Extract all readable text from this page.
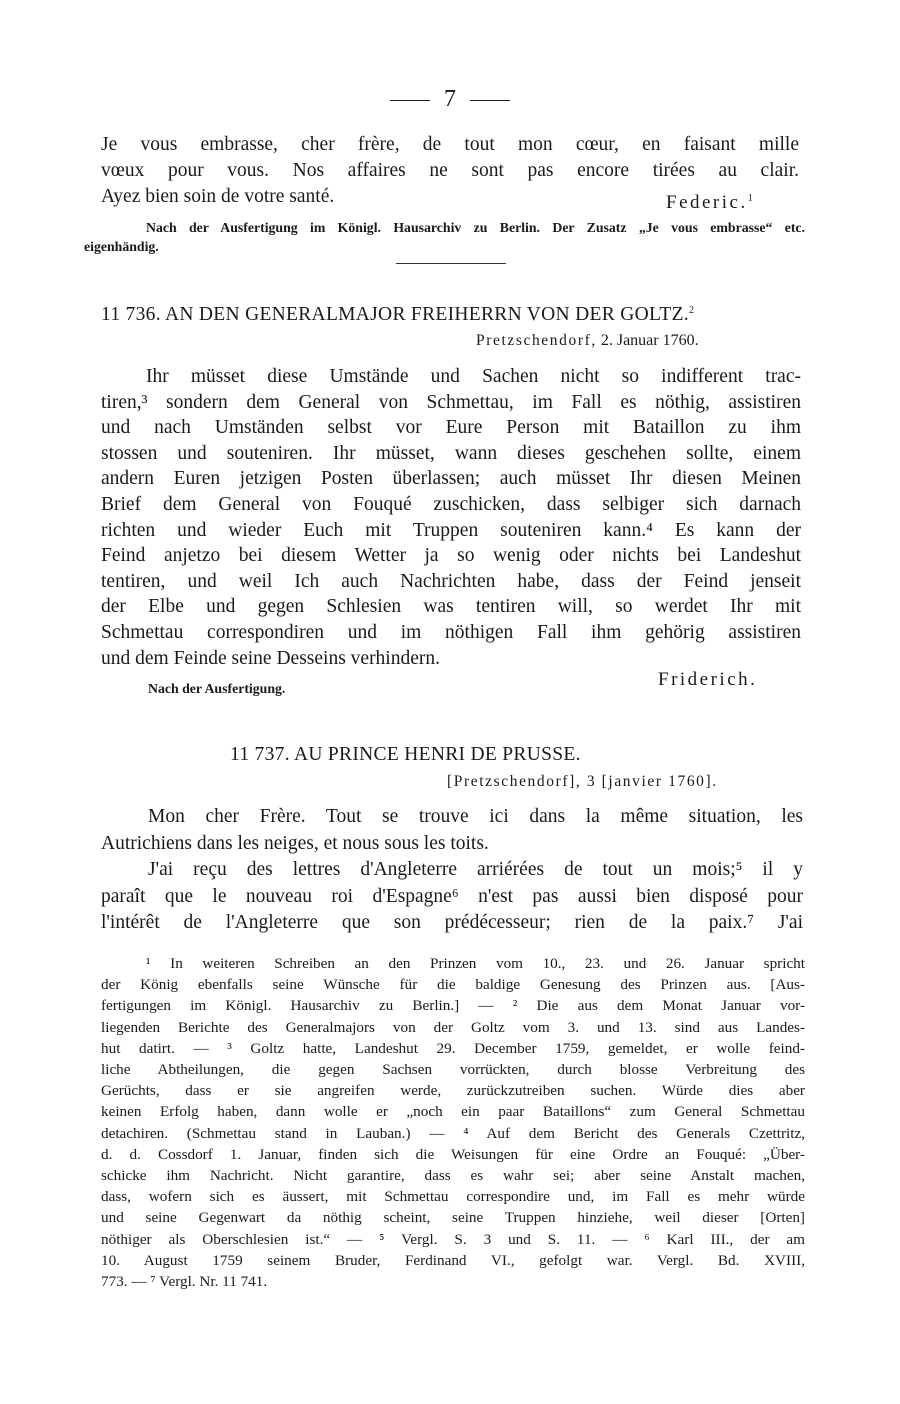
7
Je vous embrasse, cher frère, de tout mon cœur, en faisant mille
vœux pour vous. Nos affaires ne sont pas encore tirées au clair.
Ayez bien soin de votre santé.	Federic.$^1$
Nach der Ausfertigung im Königl. Hausarchiv zu Berlin. Der Zusatz „Je vous embrasse“ etc.
eigenhändig.
11 736. AN DEN GENERALMAJOR FREIHERRN VON DER GOLTZ.$^2$
Pretzschendorf, 2. Januar 1760.
Ihr müsset diese Umstände und Sachen nicht so indifferent trac-
tiren,³ sondern dem General von Schmettau, im Fall es nöthig, assistiren
und nach Umständen selbst vor Eure Person mit Bataillon zu ihm
stossen und souteniren. Ihr müsset, wann dieses geschehen sollte, einem
andern Euren jetzigen Posten überlassen; auch müsset Ihr diesen Meinen
Brief dem General von Fouqué zuschicken, dass selbiger sich darnach
richten und wieder Euch mit Truppen souteniren kann.⁴ Es kann der
Feind anjetzo bei diesem Wetter ja so wenig oder nichts bei Landeshut
tentiren, und weil Ich auch Nachrichten habe, dass der Feind jenseit
der Elbe und gegen Schlesien was tentiren will, so werdet Ihr mit
Schmettau correspondiren und im nöthigen Fall ihm gehörig assistiren
und dem Feinde seine Desseins verhindern.
Nach der Ausfertigung.	Friderich.
11 737. AU PRINCE HENRI DE PRUSSE.
[Pretzschendorf], 3 [janvier 1760].
Mon cher Frère. Tout se trouve ici dans la même situation, les
Autrichiens dans les neiges, et nous sous les toits.
J'ai reçu des lettres d'Angleterre arriérées de tout un mois;⁵ il y
paraît que le nouveau roi d'Espagne⁶ n'est pas aussi bien disposé pour
l'intérêt de l'Angleterre que son prédécesseur; rien de la paix.⁷ J'ai
¹ In weiteren Schreiben an den Prinzen vom 10., 23. und 26. Januar spricht
der König ebenfalls seine Wünsche für die baldige Genesung des Prinzen aus. [Aus-
fertigungen im Königl. Hausarchiv zu Berlin.] — ² Die aus dem Monat Januar vor-
liegenden Berichte des Generalmajors von der Goltz vom 3. und 13. sind aus Landes-
hut datirt. — ³ Goltz hatte, Landeshut 29. December 1759, gemeldet, er wolle feind-
liche Abtheilungen, die gegen Sachsen vorrückten, durch blosse Verbreitung des
Gerüchts, dass er sie angreifen werde, zurückzutreiben suchen. Würde dies aber
keinen Erfolg haben, dann wolle er „noch ein paar Bataillons“ zum General Schmettau
detachiren. (Schmettau stand in Lauban.) — ⁴ Auf dem Bericht des Generals Czettritz,
d. d. Cossdorf 1. Januar, finden sich die Weisungen für eine Ordre an Fouqué: „Über-
schicke ihm Nachricht. Nicht garantire, dass es wahr sei; aber seine Anstalt machen,
dass, wofern sich es äussert, mit Schmettau correspondire und, im Fall es mehr würde
und seine Gegenwart da nöthig scheint, seine Truppen hinziehe, weil dieser [Orten]
nöthiger als Oberschlesien ist.“ — ⁵ Vergl. S. 3 und S. 11. — ⁶ Karl III., der am
10. August 1759 seinem Bruder, Ferdinand VI., gefolgt war. Vergl. Bd. XVIII,
773. — ⁷ Vergl. Nr. 11 741.
